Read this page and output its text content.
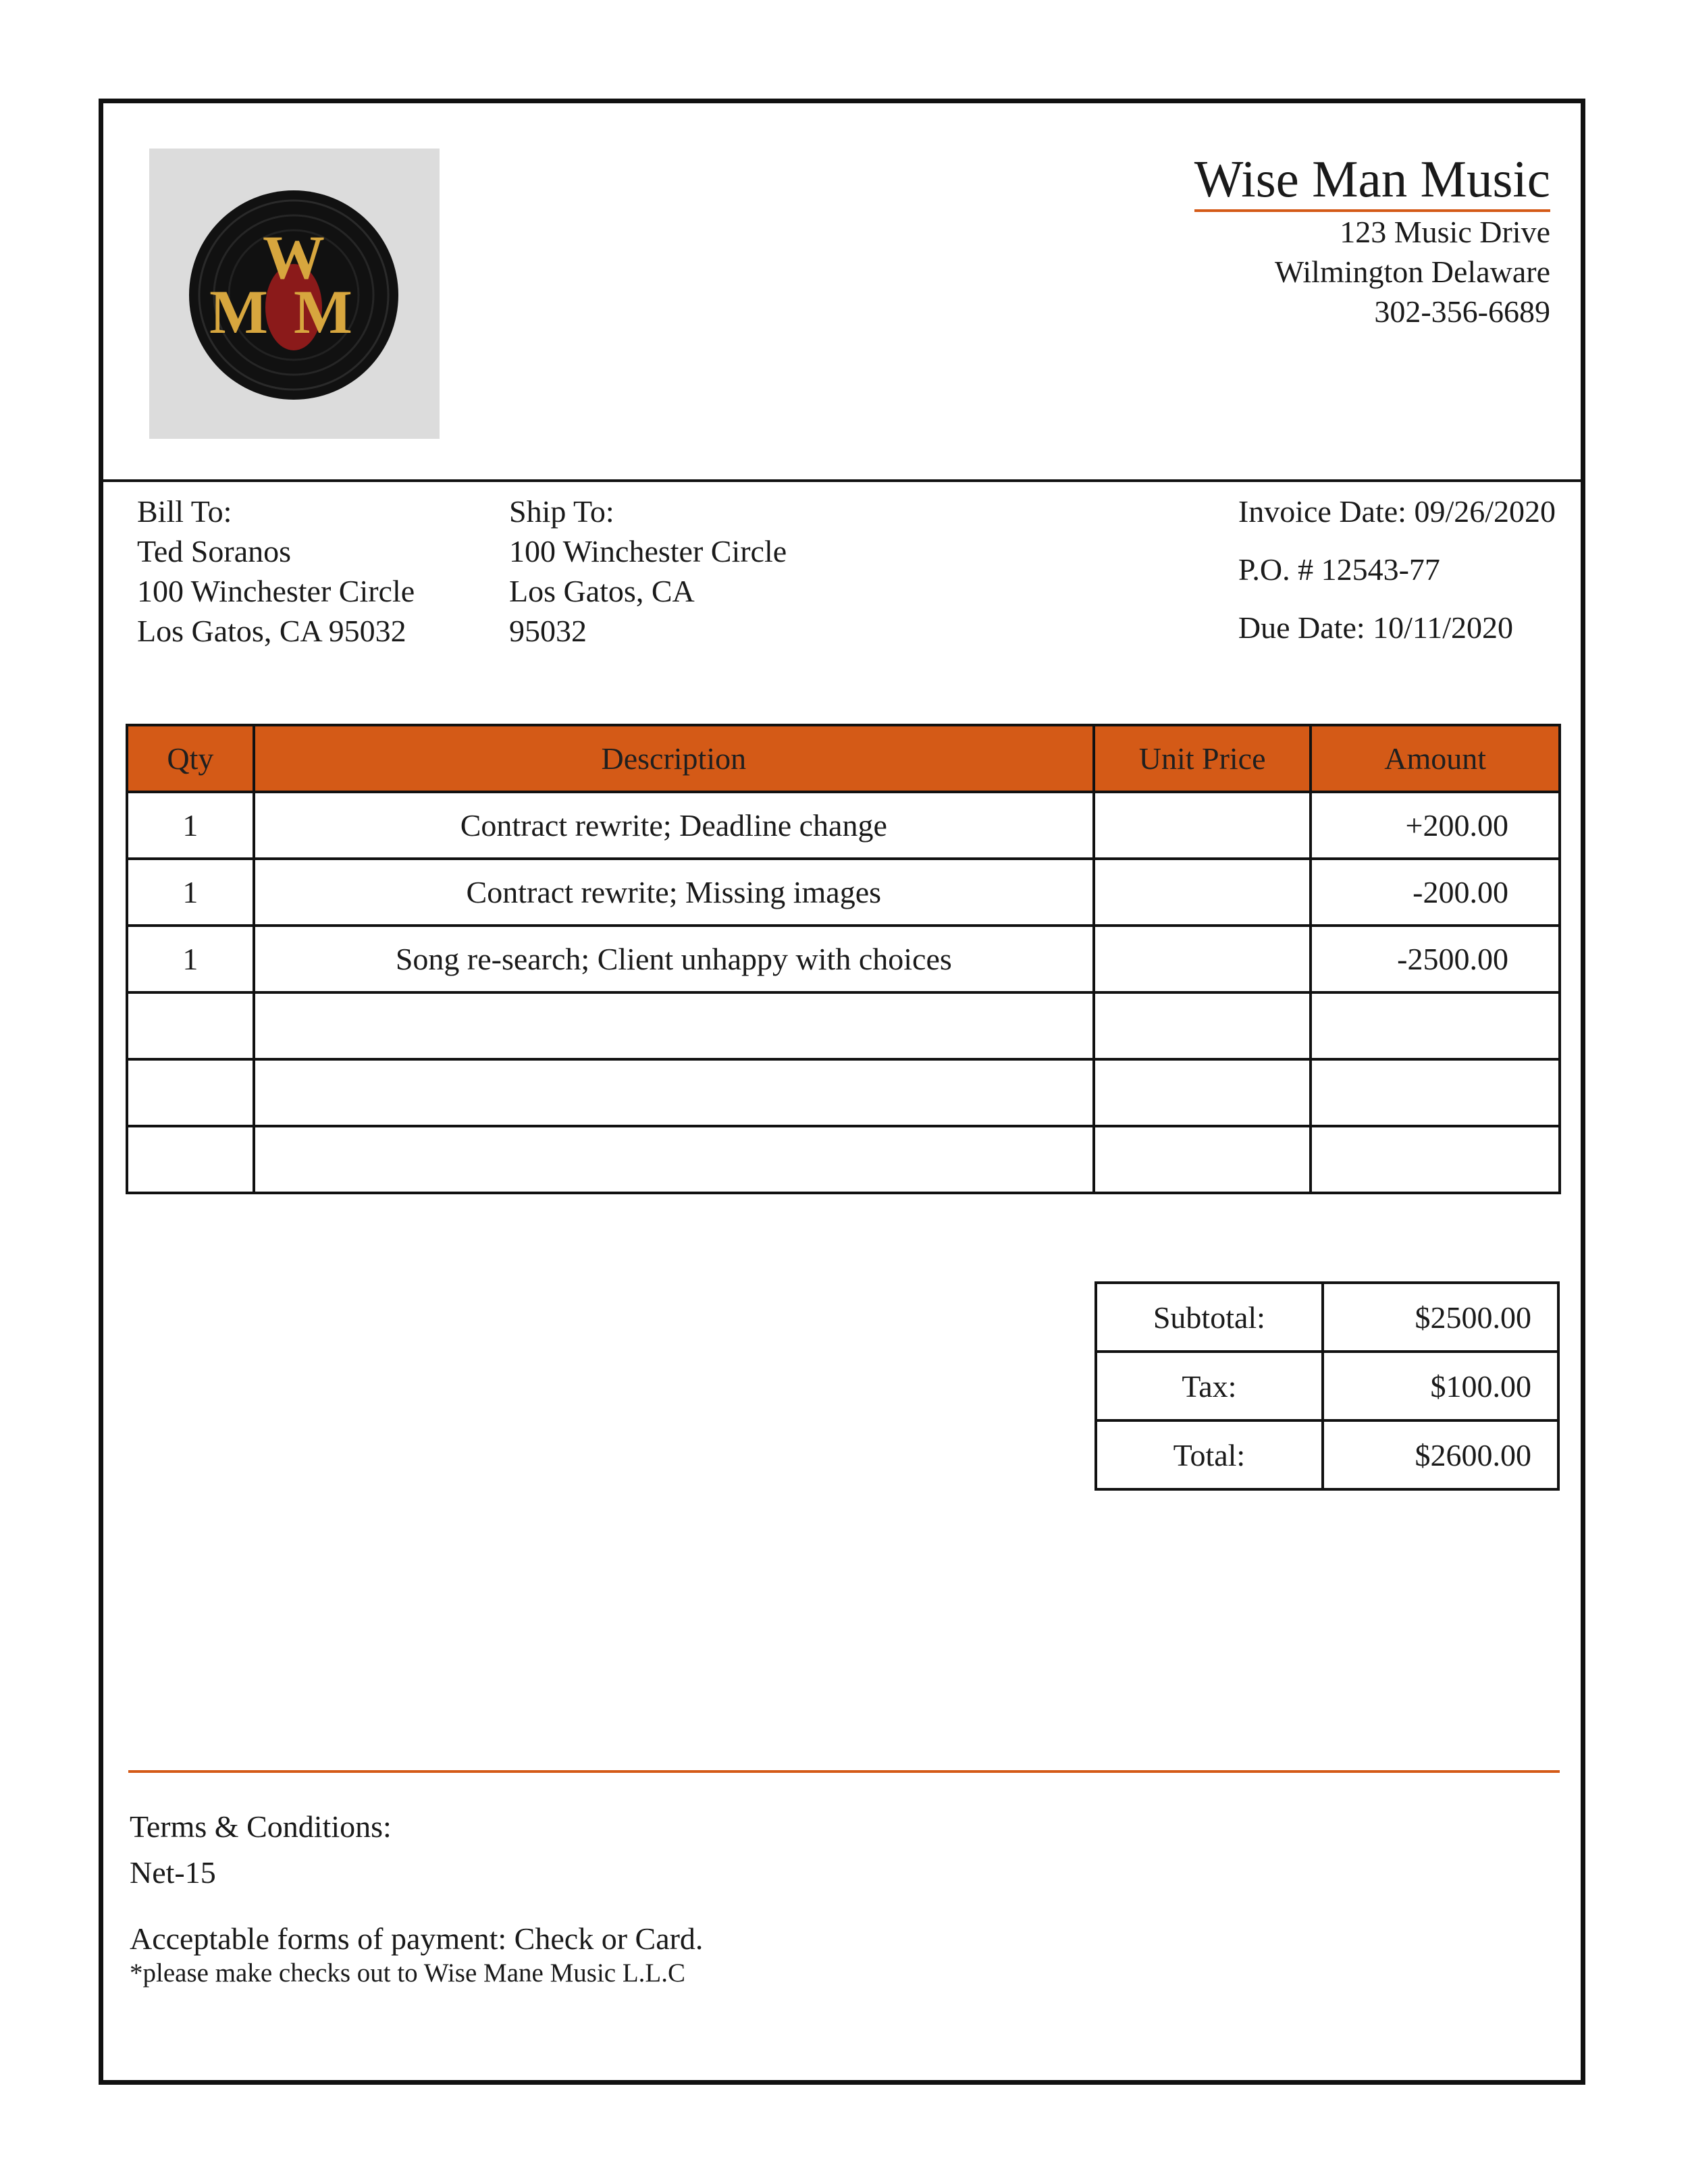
W
MM
Wise Man Music
123 Music Drive
Wilmington Delaware
302-356-6689
Bill To:
Ted Soranos
100 Winchester Circle
Los Gatos, CA 95032
Ship To:
100 Winchester Circle
Los Gatos, CA
95032
Invoice Date: 09/26/2020
P.O. # 12543-77
Due Date: 10/11/2020
Qty	Description	Unit Price	Amount
1	Contract rewrite; Deadline change		+200.00
1	Contract rewrite; Missing images		-200.00
1	Song re-search; Client unhappy with choices		-2500.00

Subtotal:	$2500.00
Tax:	$100.00
Total:	$2600.00
Terms & Conditions:
Net-15
Acceptable forms of payment: Check or Card.
*please make checks out to Wise Mane Music L.L.C
